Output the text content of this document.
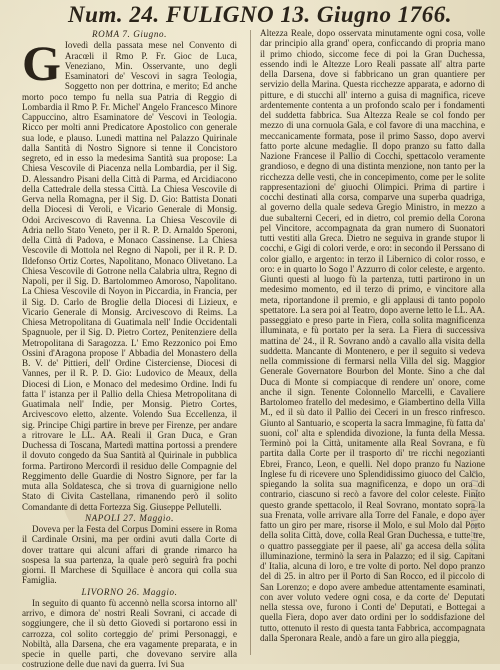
Num. 24. FULIGNO 13. Giugno 1766.
ROMA 7. Giugno.
G Iovedì della passata mese nel Convento di Aracœli il Rmo P. Fr. Gioc de Luca, Veneziano, Min. Osservante, uno degli Esaminatori de' Vescovi in sagra Teologia, Soggetto non per dottrina, e merito; Ed anche morto poco tempo fu nella sua Patria di Reggio di Lombardia il Rmo P. Fr. Michel' Angelo Francesco Minore Cappuccino, altro Esaminatore de' Vescovi in Teologia. Ricco per molti anni Predicatore Apostolico con generale sua lode, e plauso. Lunedì mattina nel Palazzo Quirinale dalla Santità di Nostro Signore si tenne il Concistoro segreto, ed in esso la medesima Santità sua propose: La Chiesa Vescovile di Piacenza nella Lombardia, per il Sig. D. Alessandro Pisani della Città di Parma, ed Arcidiacono della Cattedrale della stessa Città. La Chiesa Vescovile di Gerva nella Romagna, per il Sig. D. Gio: Battista Donati della Diocesi di Veroli, e Vicario Generale di Monsig. Odoi Arcivescovo di Ravenna. La Chiesa Vescovile di Adria nello Stato Veneto, per il R. P. D. Arnaldo Speroni, della Città di Padova, e Monaco Cassinense. La Chiesa Vescovile di Mottola nel Regno di Napoli, per il R. P. D. Ildefonso Ortiz Cortes, Napolitano, Monaco Olivetano. La Chiesa Vescovile di Gotrone nella Calabria ultra, Regno di Napoli, per il Sig. D. Bartolommeo Amoroso, Napolitano. La Chiesa Vescovile di Noyon in Piccardia, in Francia, per il Sig. D. Carlo de Broglie della Diocesi di Lizieux, e Vicario Generale di Monsig. Arcivescovo di Reims. La Chiesa Metropolitana di Guatimala nell' Indie Occidentali Spagnuole, per il Sig. D. Pietro Cortez, Penitenziere della Metropolitana di Saragozza. L' Emo Rezzonico poi Emo Ossini d'Aragona propose l' Abbadia del Monastero della B. V. de' Pittieri, dell' Ordine Cisterciense, Diocesi di Vannes, per il R. P. D. Gio: Ludovico de Meaux, della Diocesi di Lion, e Monaco del medesimo Ordine. Indi fu fatta l' istanza per il Pallio della Chiesa Metropolitana di Guatimala nell' Indie, per Monsig. Pietro Cortes, Arcivescovo eletto, alzente. Volendo Sua Eccellenza, il sig. Principe Chigi partire in breve per Firenze, per andare a ritrovare le LL. AA. Reali il Gran Duca, e Gran Duchessa di Toscana, Martedì mattina portossi a prendere il dovuto congedo da Sua Santità al Quirinale in pubblica forma. Partirono Mercordì il residuo delle Compagnie del Reggimento delle Guardie di Nostro Signore, per far la muta alla Soldatesca, che si trova di guarnigione nello Stato di Civita Castellana, rimanendo però il solito Comandante di detta Fortezza Sig. Giuseppe Pellutelli.

NAPOLI 27. Maggio.

Doveva per la Festa del Corpus Domini essere in Roma il Cardinale Orsini, ma per ordini avuti dalla Corte di dover trattare qui alcuni affari di grande rimarco ha sospesa la sua partenza, la quale però seguirà fra pochi giorni. Il Marchese di Squillace è ancora qui colla sua Famiglia.

LIVORNO 26. Maggio.

In seguito di quanto fù accennò nella scorsa intorno all' arrivo, e dimora de' nostri Reali Sovrani, ci accade di soggiungere, che il sù detto Giovedì si portarono essi in carrozza, col solito corteggio de' primi Personaggi, e Nobiltà, alla Darsena, che era vagamente preparata, e in specie in quelle parti, che dovevano servire alla costruzione delle due navi da guerra. Ivi Sua

Altezza Reale, dopo osservata minutamente ogni cosa, volle dar principio alla grand' opera, conficcando di propria mano il primo chiodo, siccome fece di poi la Gran Duchessa, essendo indi le Altezze Loro Reali passate all' altra parte della Darsena, dove si fabbricano un gran quantiere per servizio della Marina. Questa ricchezze apparata, e adorno di pitture, e di stucchi all' interno a guisa di magnifica, riceve ardentemente contenta a un profondo scalo per i fondamenti del suddetta fabbrica. Sua Altezza Reale se col fondo per mezzo di una cornuola Gala, e col favore di una macchina, e meccanicamente formata, pose il primo Sasso, dopo avervi fatto porte alcune medaglie. Il dopo pranzo su fatto dalla Nazione Francese il Pallio di Cocchi, spettacolo veramente grandioso, e degno di una distinta menzione, non tanto per la ricchezza delle vesti, che in concepimento, come per le solite rappresentazioni de' giuochi Olimpici. Prima di partire i cocchi destinati alla corsa, comparve una superba quadriga, al governo della quale sedeva Gregio Ministro, in mezzo a due subalterni Ceceri, ed in dietro, col premio della Corona pel Vincitore, accompagnata da gran numero di Suonatori tutti vestiti alla Greca. Dietro ne seguiva in grande stupor li cocchi, e Gigi di colori verde, e oro: in secondo il Perssano di color giallo, e argento: in terzo il Libernico di color rosso, e oro: e in quarto lo Sogo l' Azzurro di color celeste, e argento. Giunti questi al luogo fù la partenza, tutti partirono in un medesimo momento, ed il terzo di primo, e vincitore alla meta, riportandone il premio, e gli applausi di tanto popolo spettatore. La sera poi al Teatro, dopo averne letto le LL. AA. passeggiato e preso parte in Fiera, colla solita magnificenza illuminata, e fù portato per la sera. La Fiera di successiva mattina de' 24., il R. Sovrano andò a cavallo alla visita della suddetta. Mancante di Montenero, e per il seguito si vedeva nella commissione di fermarsi nella Villa del sig. Maggior Generale Governatore Bourbon del Monte. Sino a che dal Duca di Monte si compiacque di rendere un' onore, come anche il sign. Tenente Colonnello Marcelli, e Cavaliere Bartolomeo fratello del medesimo, e Giambertino della Villa M., ed il sù dato il Pallio dei Ceceri in un fresco rinfresco. Giunto al Santuario, e scoperta la sacra Immagine, fù fatta da' suoni, col' alta e splendida divozione, la funta della Messa. Terminò poi la Città, unitamente alla Real Sovrana, e fù partita dalla Corte per il trasporto di' tre ricchi negozianti Ebrei, Franco, Leon, e quelli. Nel dopo pranzo fu Nazione Inglese fu di ricevere uno Splendidissimo giuoco del Calcio, spiegando la solita sua magnificenza, e dopo un ora di contrario, ciascuno si recò a favore del color celeste. Finito questo grande spettacolo, il Real Sovrano, montato sopra la sua Frenata, volle arrivare alla Torre del Fanale, e dopo aver fatto un giro per mare, risorse il Molo, e sul Molo dal Porto della solita Città, dove, colla Real Gran Duchessa, e tutte tre, o quattro passeggiate per il paese, ali' ga accesa della solita illuminazione, terminò la sera in Palazzo; ed il sig. Capitani d' Italia, alcuna di loro, e tre volte di porto. Nel dopo pranzo del dì 25. in altro per il Porto di San Rocco, ed il piccolo di San Lorenzo; e dopo avere ambedue attentamente esaminati, con aver voluto vedere ogni cosa, e da corte de' Deputati nella stessa ove, furono i Conti de' Deputati, e Bottegai a quella Fiera, dopo aver dato ordini per lo soddisfazione del tutto, ottenuto il resto di questa tanta Fabbrica, accompagnata dalla Speronara Reale, andò a fare un giro alla pieggia,

GUITOLARELLI
